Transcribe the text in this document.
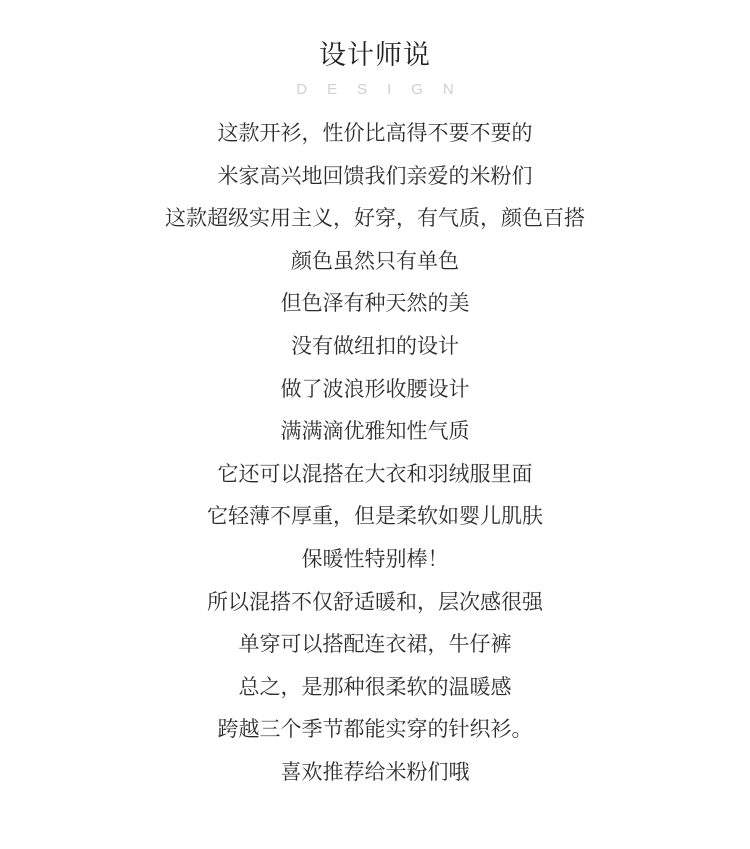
设计师说
DESIGN
这款开衫，性价比高得不要不要的
米家高兴地回馈我们亲爱的米粉们
这款超级实用主义，好穿，有气质，颜色百搭
颜色虽然只有单色
但色泽有种天然的美
没有做纽扣的设计
做了波浪形收腰设计
满满滴优雅知性气质
它还可以混搭在大衣和羽绒服里面
它轻薄不厚重，但是柔软如婴儿肌肤
保暖性特别棒！
所以混搭不仅舒适暖和，层次感很强
单穿可以搭配连衣裙，牛仔裤
总之，是那种很柔软的温暖感
跨越三个季节都能实穿的针织衫。
喜欢推荐给米粉们哦
